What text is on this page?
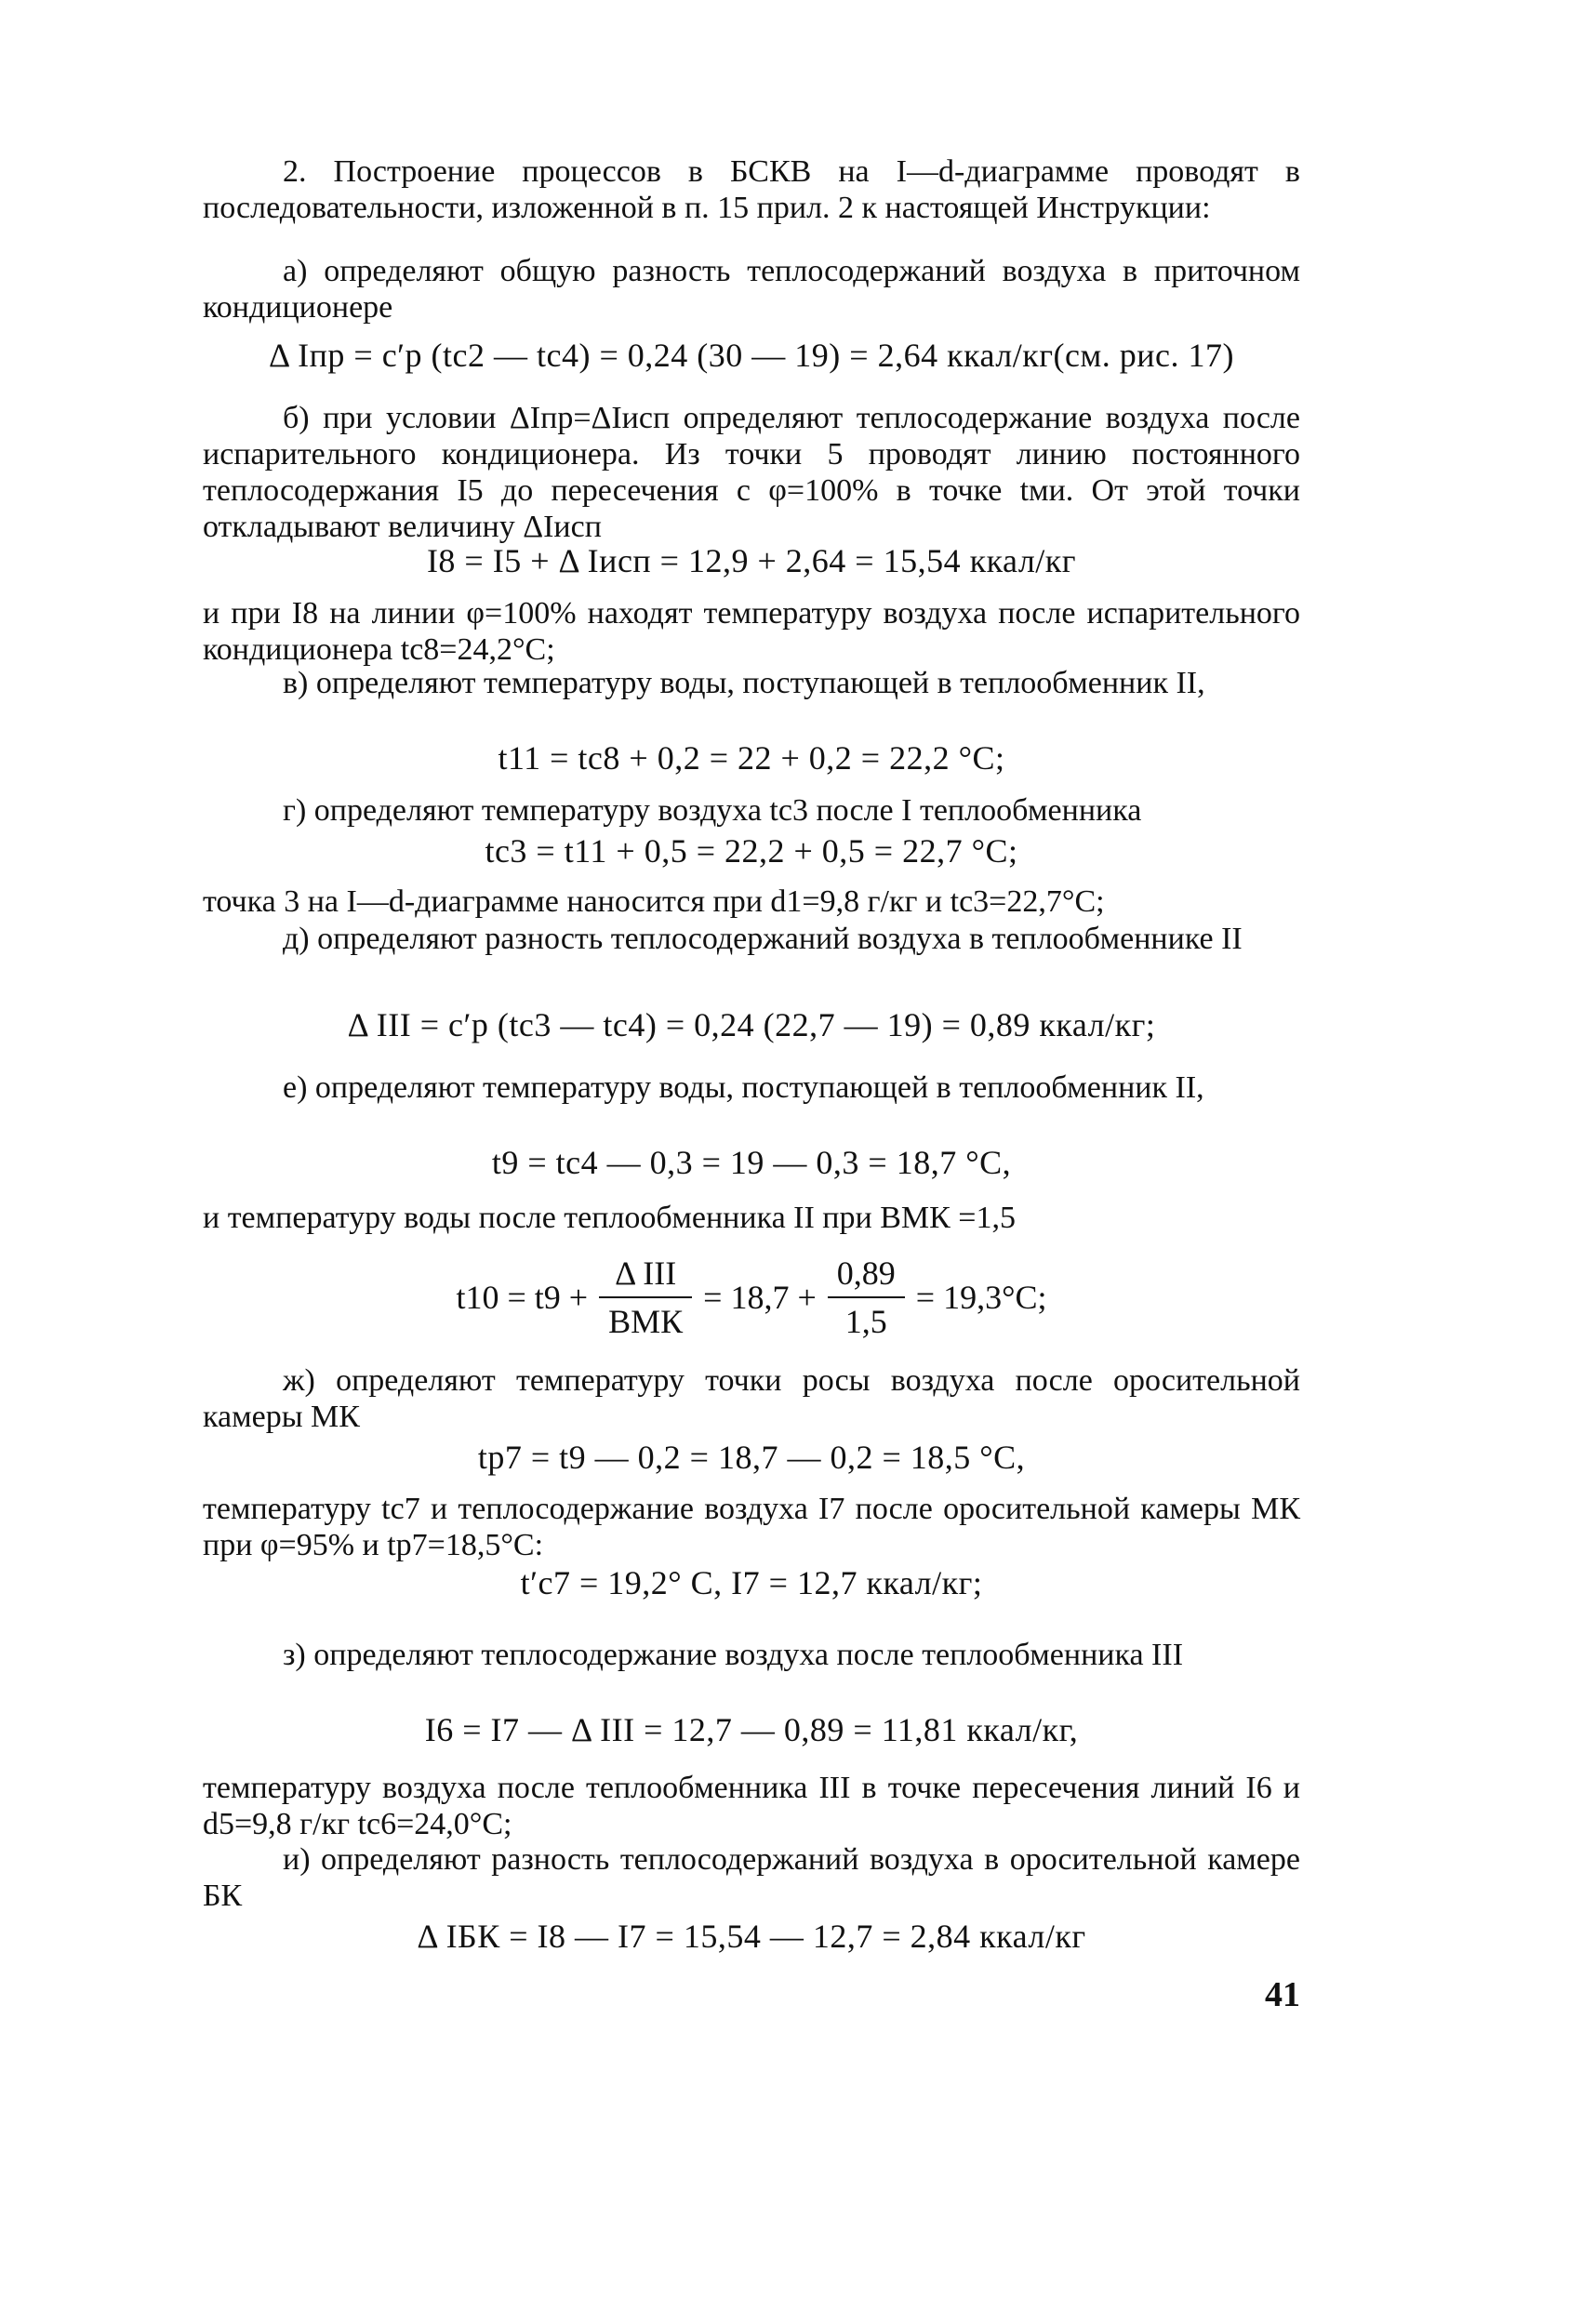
2. Построение процессов в БСКВ на I—d-диаграмме проводят в последовательности, изложенной в п. 15 прил. 2 к настоящей Инструкции:

а) определяют общую разность теплосодержаний воздуха в приточном кондиционере

Δ Iпр = c′p (tс2 — tс4) = 0,24 (30 — 19) = 2,64 ккал/кг(см. рис. 17)

б) при условии ΔIпр=ΔIисп определяют теплосодержание воздуха после испарительного кондиционера. Из точки 5 проводят линию постоянного теплосодержания I5 до пересечения с φ=100% в точке tми. От этой точки откладывают величину ΔIисп

I8 = I5 + Δ Iисп = 12,9 + 2,64 = 15,54 ккал/кг

и при I8 на линии φ=100% находят температуру воздуха после испарительного кондиционера tс8=24,2°С;

в) определяют температуру воды, поступающей в теплообменник II,

t11 = tс8 + 0,2 = 22 + 0,2 = 22,2 °С;

г) определяют температуру воздуха tс3 после I теплообменника

tс3 = t11 + 0,5 = 22,2 + 0,5 = 22,7 °С;

точка 3 на I—d-диаграмме наносится при d1=9,8 г/кг и tс3=22,7°С;

д) определяют разность теплосодержаний воздуха в теплообменнике II

Δ III = c′p (tс3 — tс4) = 0,24 (22,7 — 19) = 0,89 ккал/кг;

е) определяют температуру воды, поступающей в теплообменник II,

t9 = tс4 — 0,3 = 19 — 0,3 = 18,7 °С,

и температуру воды после теплообменника II при BМК =1,5

$t10 = t9 + \frac{\text{Δ III}}{\text{BМК}} = 18,7 + \frac{0,89}{1,5} = 19,3^\circ С$;

ж) определяют температуру точки росы воздуха после оросительной камеры МК

tр7 = t9 — 0,2 = 18,7 — 0,2 = 18,5 °С,

температуру tс7 и теплосодержание воздуха I7 после оросительной камеры МК при φ=95% и tр7=18,5°С:

t′с7 = 19,2° С, I7 = 12,7 ккал/кг;

з) определяют теплосодержание воздуха после теплообменника III

I6 = I7 — Δ III = 12,7 — 0,89 = 11,81 ккал/кг,

температуру воздуха после теплообменника III в точке пересечения линий I6 и d5=9,8 г/кг tс6=24,0°С;

и) определяют разность теплосодержаний воздуха в оросительной камере БК

Δ IБК = I8 — I7 = 15,54 — 12,7 = 2,84 ккал/кг

41
